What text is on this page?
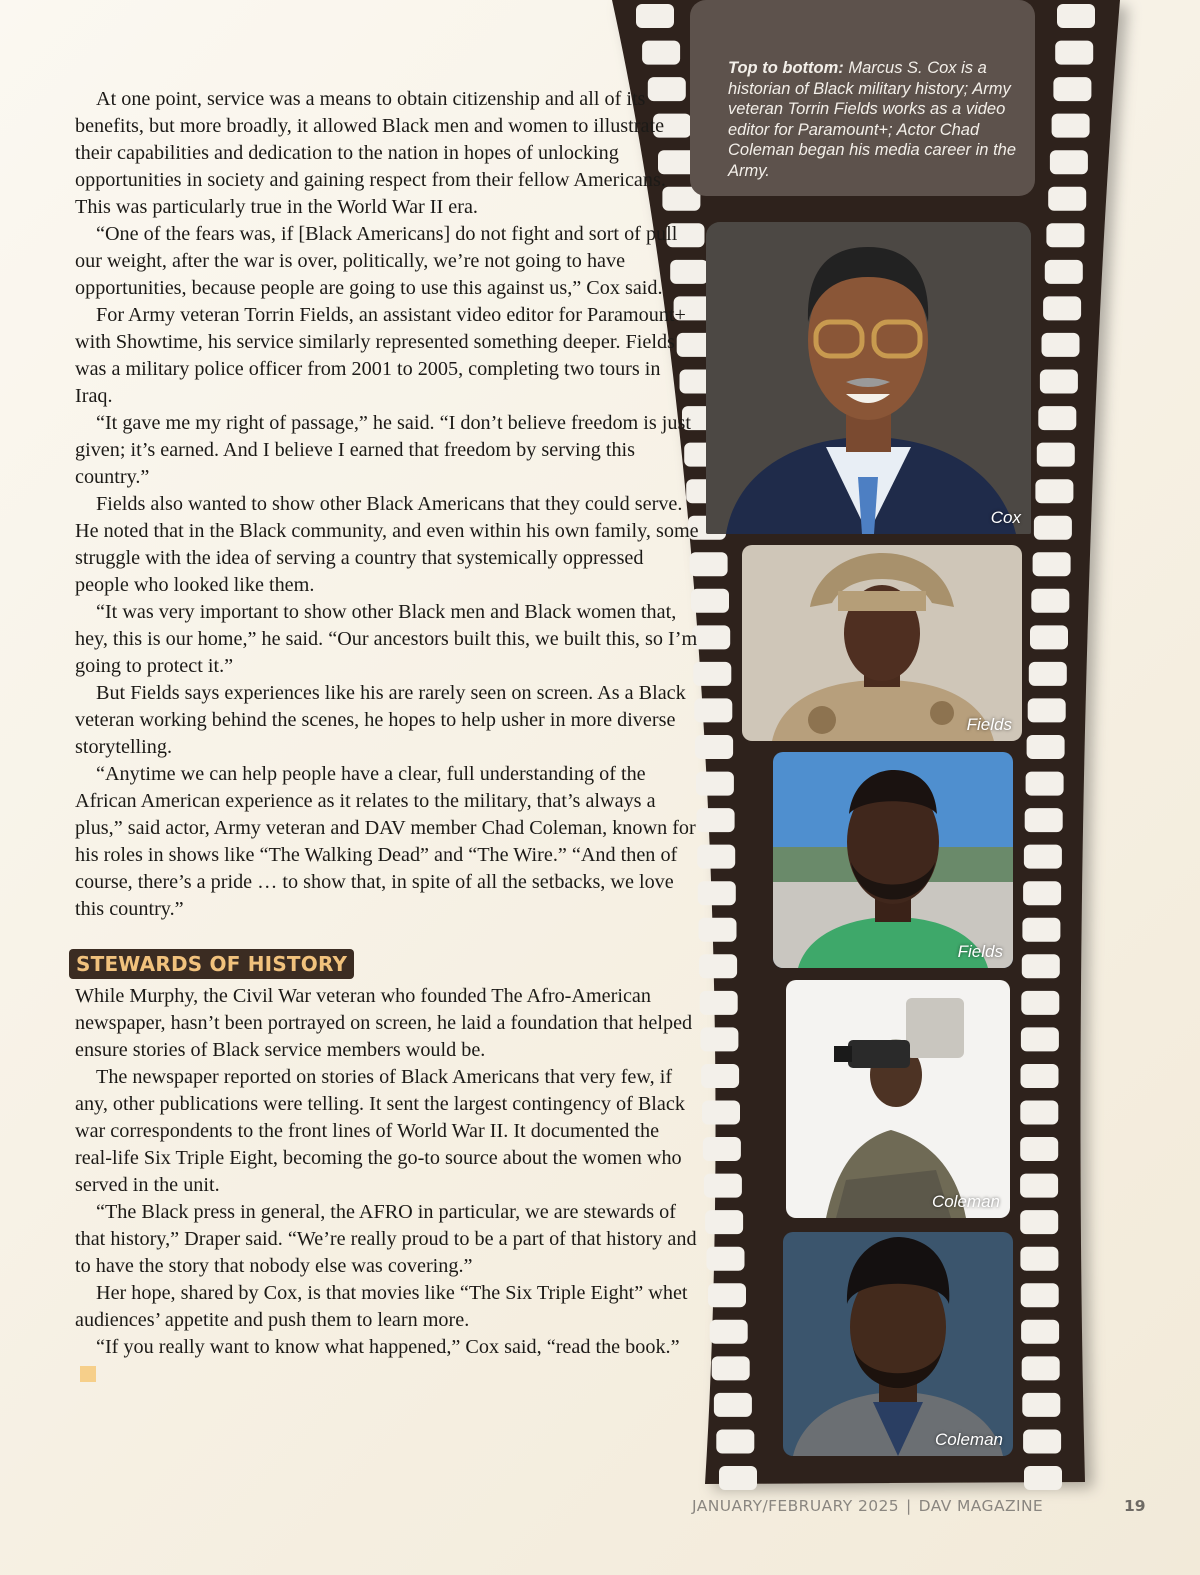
Top to bottom: Marcus S. Cox is a historian of Black military history; Army veteran Torrin Fields works as a video editor for Paramount+; Actor Chad Coleman began his media career in the Army.
Cox
Fields
Fields
Coleman
Coleman

At one point, service was a means to obtain citizenship and all of its benefits, but more broadly, it allowed Black men and women to illustrate their capabilities and dedication to the nation in hopes of unlocking opportunities in society and gaining respect from their fellow Americans. This was particularly true in the World War II era.

“One of the fears was, if [Black Americans] do not fight and sort of pull our weight, after the war is over, politically, we’re not going to have opportunities, because people are going to use this against us,” Cox said.

For Army veteran Torrin Fields, an assistant video editor for Paramount+ with Showtime, his service similarly represented something deeper. Fields was a military police officer from 2001 to 2005, completing two tours in Iraq.

“It gave me my right of passage,” he said. “I don’t believe freedom is just given; it’s earned. And I believe I earned that freedom by serving this country.”

Fields also wanted to show other Black Americans that they could serve. He noted that in the Black community, and even within his own family, some struggle with the idea of serving a country that systemically oppressed people who looked like them.

“It was very important to show other Black men and Black women that, hey, this is our home,” he said. “Our ancestors built this, we built this, so I’m going to protect it.”

But Fields says experiences like his are rarely seen on screen. As a Black veteran working behind the scenes, he hopes to help usher in more diverse storytelling.

“Anytime we can help people have a clear, full understanding of the African American experience as it relates to the military, that’s always a plus,” said actor, Army veteran and DAV member Chad Coleman, known for his roles in shows like “The Walking Dead” and “The Wire.” “And then of course, there’s a pride … to show that, in spite of all the setbacks, we love this country.”

STEWARDS OF HISTORY

While Murphy, the Civil War veteran who founded The Afro-American newspaper, hasn’t been portrayed on screen, he laid a foundation that helped ensure stories of Black service members would be.

The newspaper reported on stories of Black Americans that very few, if any, other publications were telling. It sent the largest contingency of Black war correspondents to the front lines of World War II. It documented the real-life Six Triple Eight, becoming the go-to source about the women who served in the unit.

“The Black press in general, the AFRO in particular, we are stewards of that history,” Draper said. “We’re really proud to be a part of that history and to have the story that nobody else was covering.”

Her hope, shared by Cox, is that movies like “The Six Triple Eight” whet audiences’ appetite and push them to learn more.

“If you really want to know what happened,” Cox said, “read the book.”

JANUARY/FEBRUARY 2025 | DAV MAGAZINE	19
